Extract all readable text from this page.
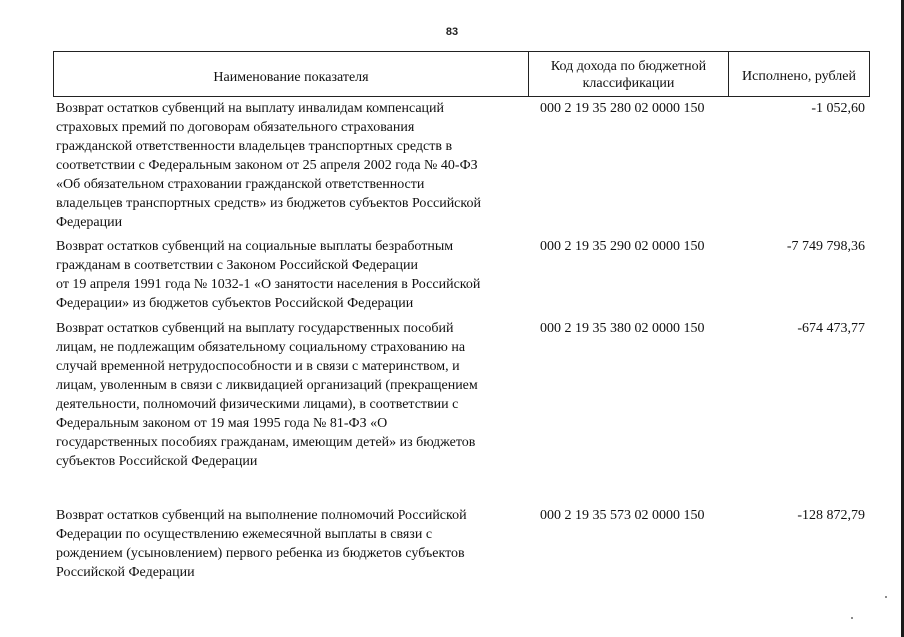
83
Наименование показателя
Код дохода по бюджетной классификации	Исполнено, рублей
Возврат остатков субвенций на выплату инвалидам компенсаций
страховых премий по договорам обязательного страхования
гражданской ответственности владельцев транспортных средств в
соответствии с Федеральным законом от 25 апреля 2002 года № 40-ФЗ
«Об обязательном страховании гражданской ответственности
владельцев транспортных средств» из бюджетов субъектов Российской
Федерации
000 2 19 35 280 02 0000 150	-1 052,60
Возврат остатков субвенций на социальные выплаты безработным
гражданам в соответствии с Законом Российской Федерации
от 19 апреля 1991 года № 1032-1 «О занятости населения в Российской
Федерации» из бюджетов субъектов Российской Федерации
000 2 19 35 290 02 0000 150	-7 749 798,36
Возврат остатков субвенций на выплату государственных пособий
лицам, не подлежащим обязательному социальному страхованию на
случай временной нетрудоспособности и в связи с материнством, и
лицам, уволенным в связи с ликвидацией организаций (прекращением
деятельности, полномочий физическими лицами), в соответствии с
Федеральным законом от 19 мая 1995 года № 81-ФЗ «О
государственных пособиях гражданам, имеющим детей» из бюджетов
субъектов Российской Федерации
000 2 19 35 380 02 0000 150	-674 473,77
Возврат остатков субвенций на выполнение полномочий Российской
Федерации по осуществлению ежемесячной выплаты в связи с
рождением (усыновлением) первого ребенка из бюджетов субъектов
Российской Федерации
000 2 19 35 573 02 0000 150	-128 872,79
